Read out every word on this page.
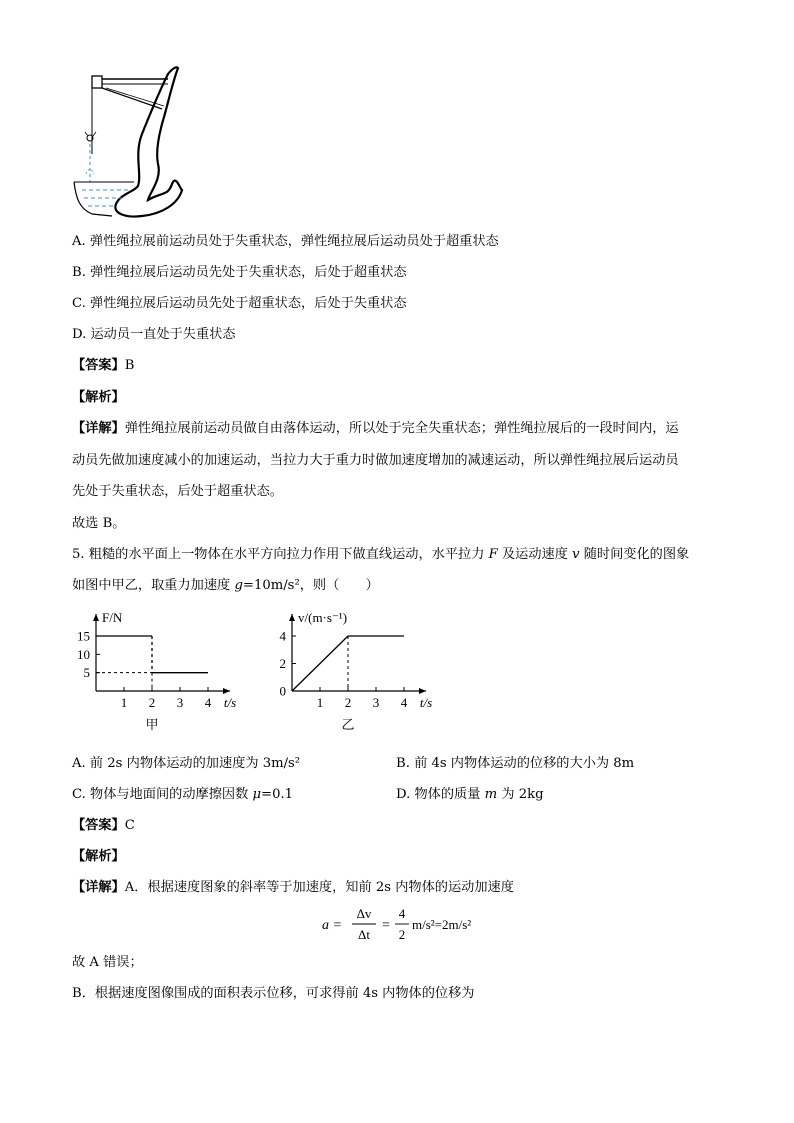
A. 弹性绳拉展前运动员处于失重状态，弹性绳拉展后运动员处于超重状态
B. 弹性绳拉展后运动员先处于失重状态，后处于超重状态
C. 弹性绳拉展后运动员先处于超重状态，后处于失重状态
D. 运动员一直处于失重状态
【答案】B
【解析】
【详解】弹性绳拉展前运动员做自由落体运动，所以处于完全失重状态；弹性绳拉展后的一段时间内，运
动员先做加速度减小的加速运动，当拉力大于重力时做加速度增加的减速运动，所以弹性绳拉展后运动员
先处于失重状态，后处于超重状态。
故选 B。
5. 粗糙的水平面上一物体在水平方向拉力作用下做直线运动，水平拉力 F 及运动速度 v 随时间变化的图象
如图中甲乙，取重力加速度 g=10m/s²，则（　　）
1 2 3 4
5
10
15
t/s
F/N
甲
1 2 3 4
0
2
4
t/s
v/(m·s⁻¹)
乙
A. 前 2s 内物体运动的加速度为 3m/s²	B. 前 4s 内物体运动的位移的大小为 8m
C. 物体与地面间的动摩擦因数 μ=0.1	D. 物体的质量 m 为 2kg
【答案】C
【解析】
【详解】A．根据速度图象的斜率等于加速度，知前 2s 内物体的运动加速度
a =
Δv
Δt
=
4
2
m/s²=2m/s²
故 A 错误；
B．根据速度图像围成的面积表示位移，可求得前 4s 内物体的位移为
